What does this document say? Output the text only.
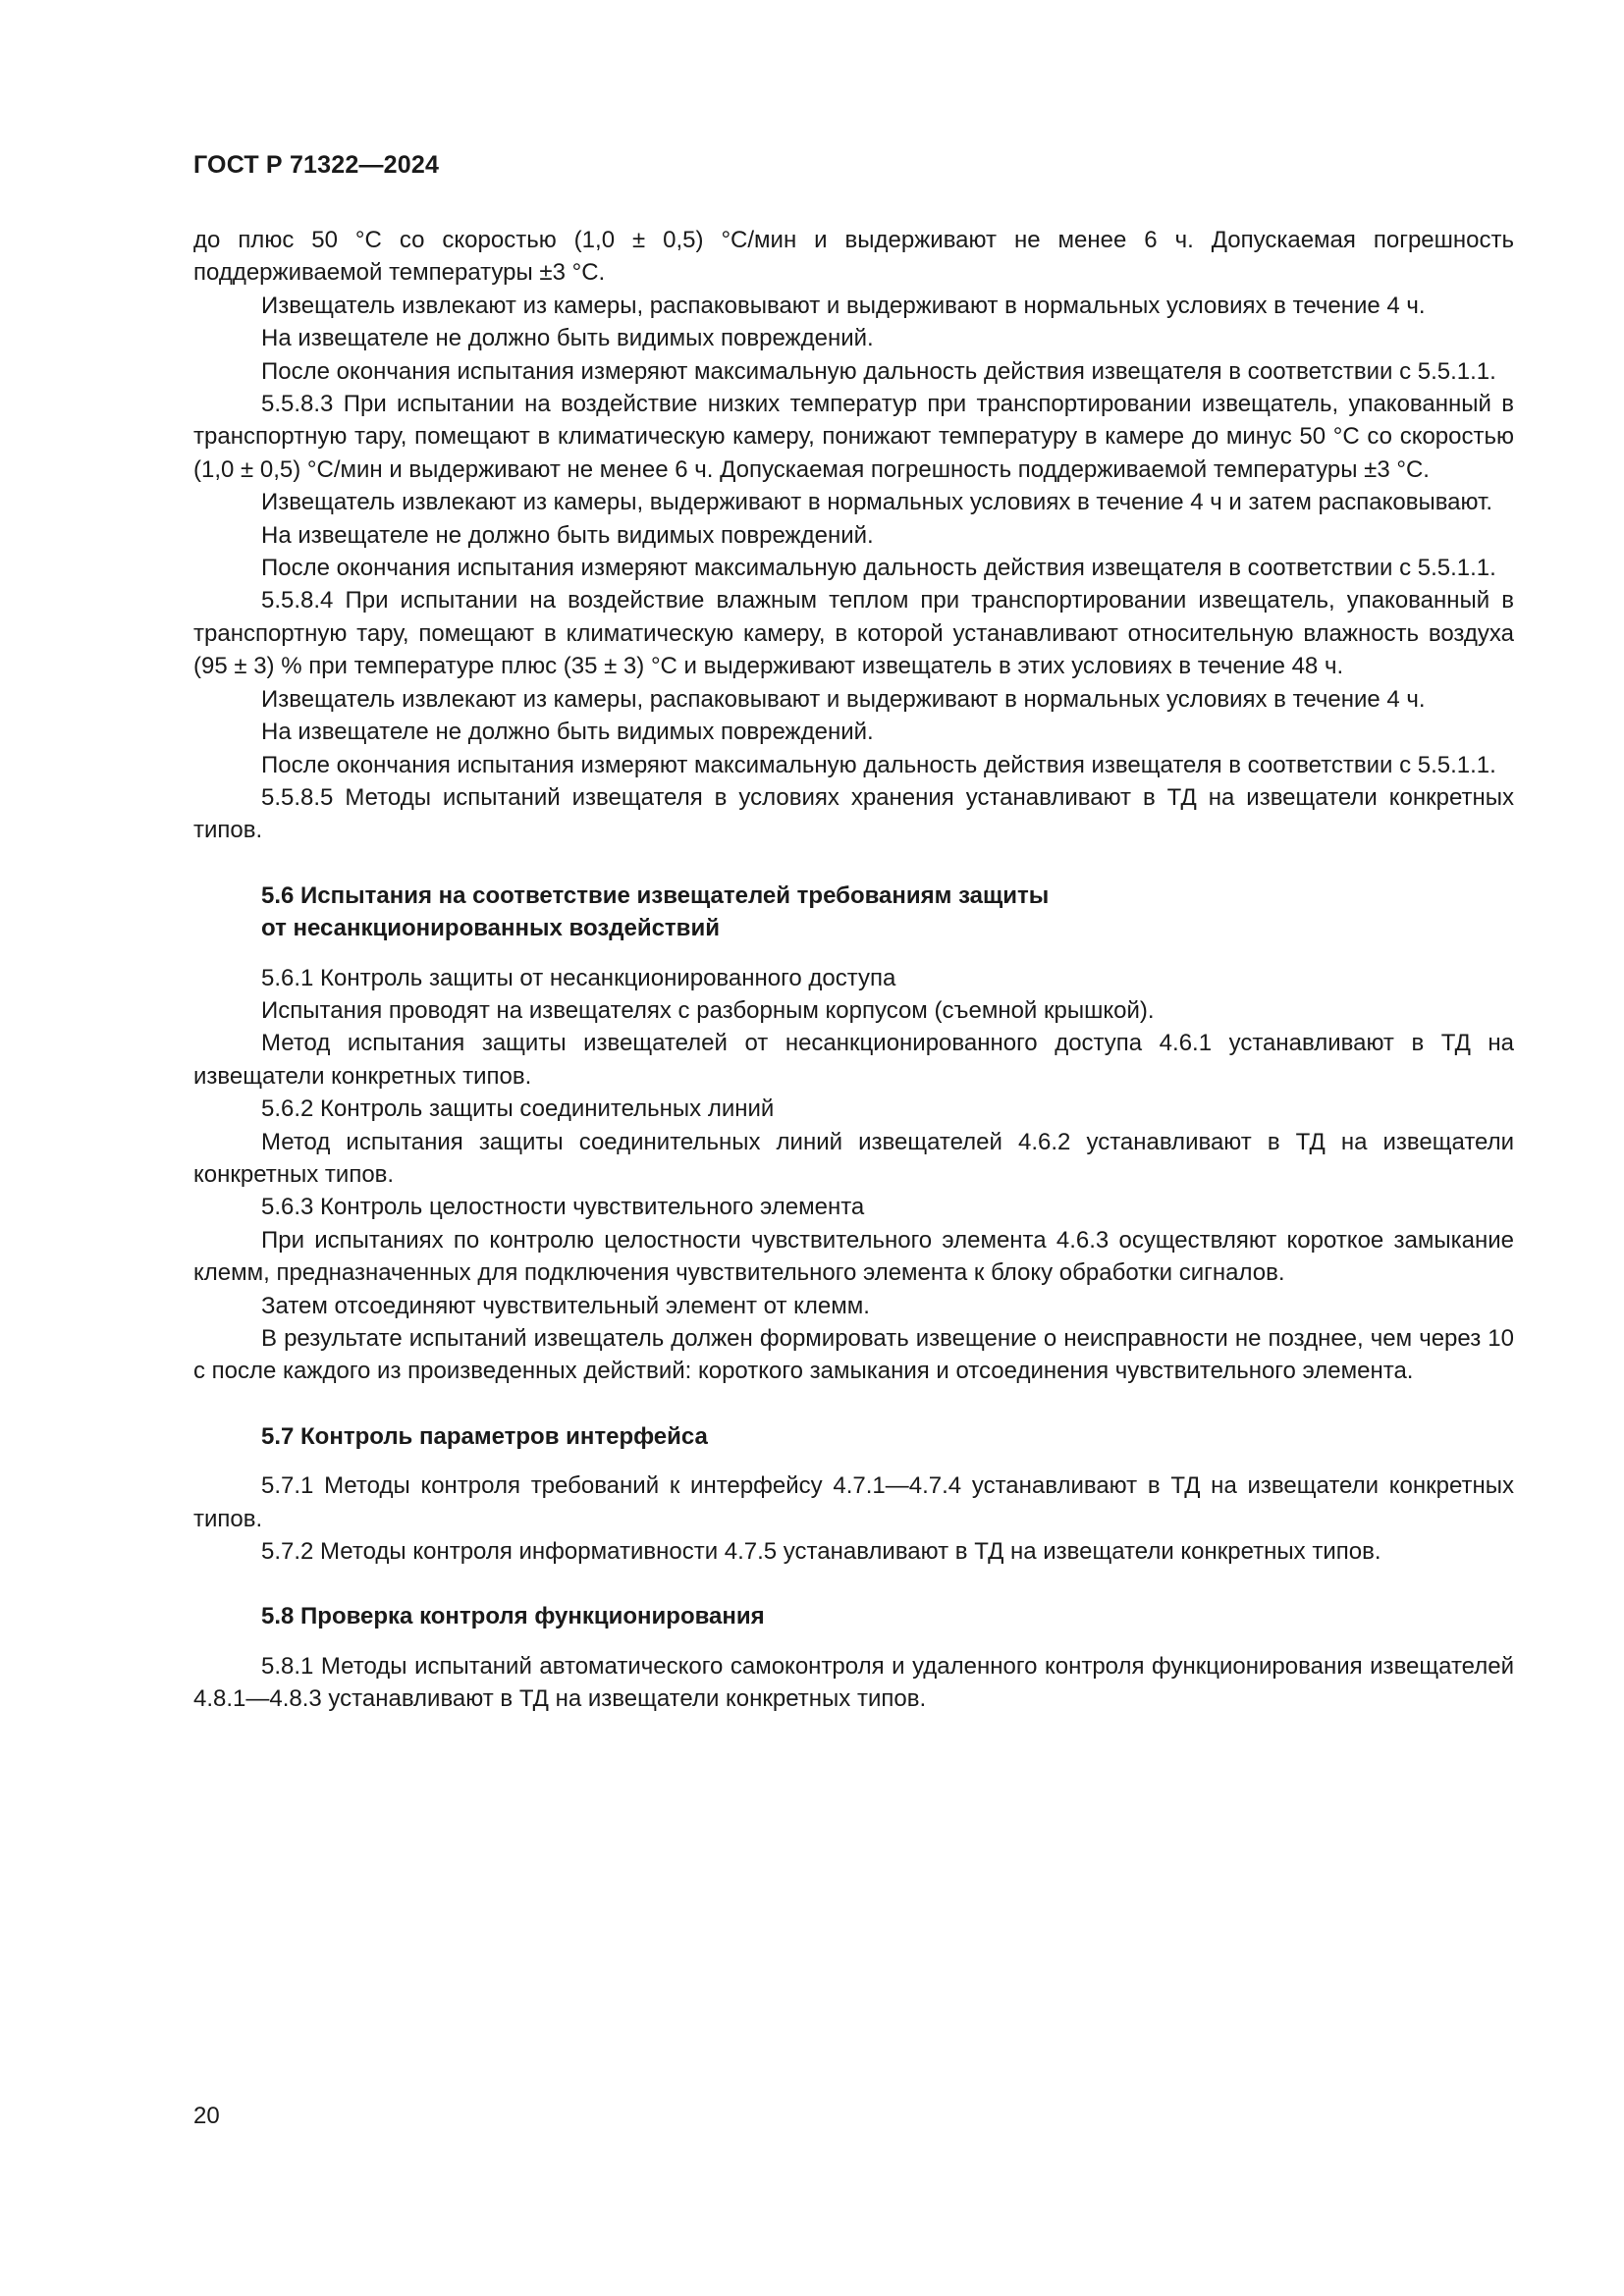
ГОСТ Р 71322—2024

до плюс 50 °С со скоростью (1,0 ± 0,5) °С/мин и выдерживают не менее 6 ч. Допускаемая погрешность поддерживаемой температуры ±3 °С.

Извещатель извлекают из камеры, распаковывают и выдерживают в нормальных условиях в течение 4 ч.

На извещателе не должно быть видимых повреждений.

После окончания испытания измеряют максимальную дальность действия извещателя в соответствии с 5.5.1.1.

5.5.8.3 При испытании на воздействие низких температур при транспортировании извещатель, упакованный в транспортную тару, помещают в климатическую камеру, понижают температуру в камере до минус 50 °С со скоростью (1,0 ± 0,5) °С/мин и выдерживают не менее 6 ч. Допускаемая погрешность поддерживаемой температуры ±3 °С.

Извещатель извлекают из камеры, выдерживают в нормальных условиях в течение 4 ч и затем распаковывают.

На извещателе не должно быть видимых повреждений.

После окончания испытания измеряют максимальную дальность действия извещателя в соответствии с 5.5.1.1.

5.5.8.4 При испытании на воздействие влажным теплом при транспортировании извещатель, упакованный в транспортную тару, помещают в климатическую камеру, в которой устанавливают относительную влажность воздуха (95 ± 3) % при температуре плюс (35 ± 3) °С и выдерживают извещатель в этих условиях в течение 48 ч.

Извещатель извлекают из камеры, распаковывают и выдерживают в нормальных условиях в течение 4 ч.

На извещателе не должно быть видимых повреждений.

После окончания испытания измеряют максимальную дальность действия извещателя в соответствии с 5.5.1.1.

5.5.8.5 Методы испытаний извещателя в условиях хранения устанавливают в ТД на извещатели конкретных типов.

5.6 Испытания на соответствие извещателей требованиям защиты
от несанкционированных воздействий

5.6.1 Контроль защиты от несанкционированного доступа

Испытания проводят на извещателях с разборным корпусом (съемной крышкой).

Метод испытания защиты извещателей от несанкционированного доступа 4.6.1 устанавливают в ТД на извещатели конкретных типов.

5.6.2 Контроль защиты соединительных линий

Метод испытания защиты соединительных линий извещателей 4.6.2 устанавливают в ТД на извещатели конкретных типов.

5.6.3 Контроль целостности чувствительного элемента

При испытаниях по контролю целостности чувствительного элемента 4.6.3 осуществляют короткое замыкание клемм, предназначенных для подключения чувствительного элемента к блоку обработки сигналов.

Затем отсоединяют чувствительный элемент от клемм.

В результате испытаний извещатель должен формировать извещение о неисправности не позднее, чем через 10 с после каждого из произведенных действий: короткого замыкания и отсоединения чувствительного элемента.

5.7 Контроль параметров интерфейса

5.7.1 Методы контроля требований к интерфейсу 4.7.1—4.7.4 устанавливают в ТД на извещатели конкретных типов.

5.7.2 Методы контроля информативности 4.7.5 устанавливают в ТД на извещатели конкретных типов.

5.8 Проверка контроля функционирования

5.8.1 Методы испытаний автоматического самоконтроля и удаленного контроля функционирования извещателей 4.8.1—4.8.3 устанавливают в ТД на извещатели конкретных типов.

20
